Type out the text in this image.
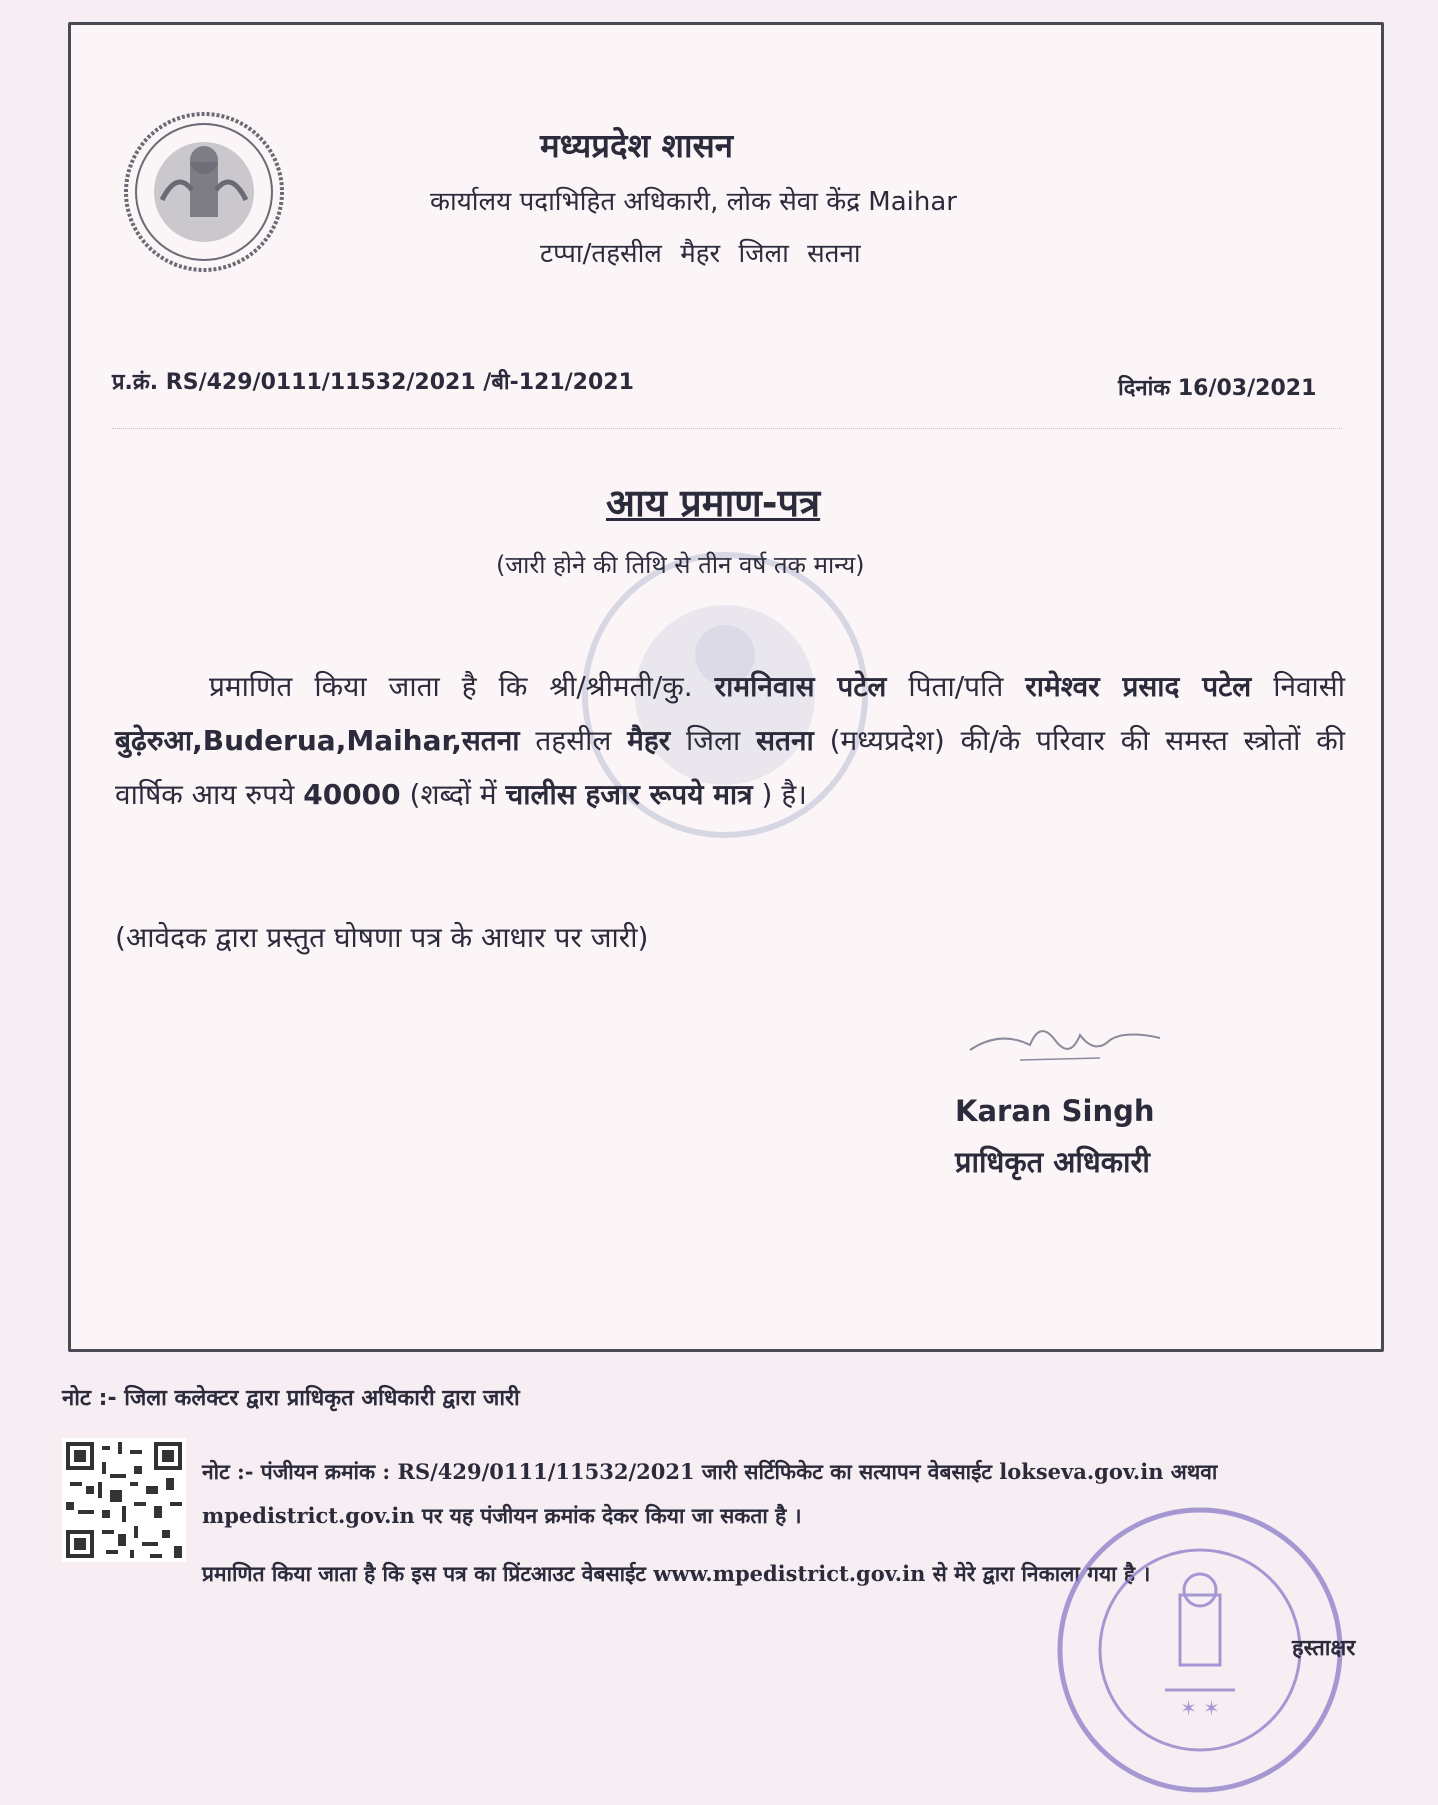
मध्यप्रदेश शासन
कार्यालय पदाभिहित अधिकारी, लोक सेवा केंद्र Maihar
टप्पा/तहसील मैहर जिला सतना
प्र.क्रं. RS/429/0111/11532/2021 /बी-121/2021	दिनांक 16/03/2021
आय प्रमाण-पत्र
(जारी होने की तिथि से तीन वर्ष तक मान्य)
प्रमाणित किया जाता है कि श्री/श्रीमती/कु. रामनिवास पटेल पिता/पति रामेश्वर प्रसाद पटेल निवासी बुढ़ेरुआ,Buderua,Maihar,सतना तहसील मैहर जिला सतना (मध्यप्रदेश) की/के परिवार की समस्त स्त्रोतों की वार्षिक आय रुपये 40000 (शब्दों में चालीस हजार रूपये मात्र ) है।
(आवेदक द्वारा प्रस्तुत घोषणा पत्र के आधार पर जारी)
Karan Singh
प्राधिकृत अधिकारी
नोट :- जिला कलेक्टर द्वारा प्राधिकृत अधिकारी द्वारा जारी
नोट :- पंजीयन क्रमांक : RS/429/0111/11532/2021 जारी सर्टिफिकेट का सत्यापन वेबसाईट lokseva.gov.in अथवा mpedistrict.gov.in पर यह पंजीयन क्रमांक देकर किया जा सकता है ।
प्रमाणित किया जाता है कि इस पत्र का प्रिंटआउट वेबसाईट www.mpedistrict.gov.in से मेरे द्वारा निकाला गया है ।
✶ ✶
हस्ताक्षर
